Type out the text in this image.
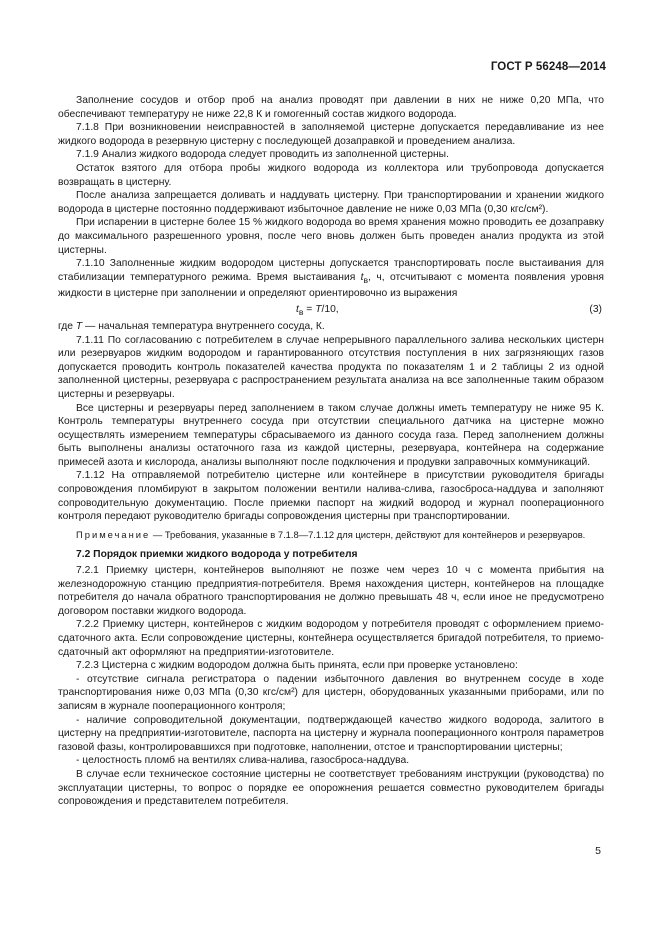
ГОСТ Р 56248—2014

Заполнение сосудов и отбор проб на анализ проводят при давлении в них не ниже 0,20 МПа, что обеспечивают температуру не ниже 22,8 К и гомогенный состав жидкого водорода.

7.1.8 При возникновении неисправностей в заполняемой цистерне допускается передавливание из нее жидкого водорода в резервную цистерну с последующей дозаправкой и проведением анализа.

7.1.9 Анализ жидкого водорода следует проводить из заполненной цистерны.

Остаток взятого для отбора пробы жидкого водорода из коллектора или трубопровода допускается возвращать в цистерну.

После анализа запрещается доливать и наддувать цистерну. При транспортировании и хранении жидкого водорода в цистерне постоянно поддерживают избыточное давление не ниже 0,03 МПа (0,30 кгс/см²).

При испарении в цистерне более 15 % жидкого водорода во время хранения можно проводить ее дозаправку до максимального разрешенного уровня, после чего вновь должен быть проведен анализ продукта из этой цистерны.

7.1.10 Заполненные жидким водородом цистерны допускается транспортировать после выстаивания для стабилизации температурного режима. Время выстаивания $t_в$, ч, отсчитывают с момента появления уровня жидкости в цистерне при заполнении и определяют ориентировочно из выражения

$t_в = T/10$,	(3)

где T — начальная температура внутреннего сосуда, К.

7.1.11 По согласованию с потребителем в случае непрерывного параллельного залива нескольких цистерн или резервуаров жидким водородом и гарантированного отсутствия поступления в них загрязняющих газов допускается проводить контроль показателей качества продукта по показателям 1 и 2 таблицы 2 из одной заполненной цистерны, резервуара с распространением результата анализа на все заполненные таким образом цистерны и резервуары.

Все цистерны и резервуары перед заполнением в таком случае должны иметь температуру не ниже 95 К. Контроль температуры внутреннего сосуда при отсутствии специального датчика на цистерне можно осуществлять измерением температуры сбрасываемого из данного сосуда газа. Перед заполнением должны быть выполнены анализы остаточного газа из каждой цистерны, резервуара, контейнера на содержание примесей азота и кислорода, анализы выполняют после подключения и продувки заправочных коммуникаций.

7.1.12 На отправляемой потребителю цистерне или контейнере в присутствии руководителя бригады сопровождения пломбируют в закрытом положении вентили налива-слива, газосброса-наддува и заполняют сопроводительную документацию. После приемки паспорт на жидкий водород и журнал пооперационного контроля передают руководителю бригады сопровождения цистерны при транспортировании.

Примечание — Требования, указанные в 7.1.8—7.1.12 для цистерн, действуют для контейнеров и резервуаров.

7.2 Порядок приемки жидкого водорода у потребителя

7.2.1 Приемку цистерн, контейнеров выполняют не позже чем через 10 ч с момента прибытия на железнодорожную станцию предприятия-потребителя. Время нахождения цистерн, контейнеров на площадке потребителя до начала обратного транспортирования не должно превышать 48 ч, если иное не предусмотрено договором поставки жидкого водорода.

7.2.2 Приемку цистерн, контейнеров с жидким водородом у потребителя проводят с оформлением приемо-сдаточного акта. Если сопровождение цистерны, контейнера осуществляется бригадой потребителя, то приемо-сдаточный акт оформляют на предприятии-изготовителе.

7.2.3 Цистерна с жидким водородом должна быть принята, если при проверке установлено:

- отсутствие сигнала регистратора о падении избыточного давления во внутреннем сосуде в ходе транспортирования ниже 0,03 МПа (0,30 кгс/см²) для цистерн, оборудованных указанными приборами, или по записям в журнале пооперационного контроля;

- наличие сопроводительной документации, подтверждающей качество жидкого водорода, залитого в цистерну на предприятии-изготовителе, паспорта на цистерну и журнала пооперационного контроля параметров газовой фазы, контролировавшихся при подготовке, наполнении, отстое и транспортировании цистерны;

- целостность пломб на вентилях слива-налива, газосброса-наддува.

В случае если техническое состояние цистерны не соответствует требованиям инструкции (руководства) по эксплуатации цистерны, то вопрос о порядке ее опорожнения решается совместно руководителем бригады сопровождения и представителем потребителя.

5
